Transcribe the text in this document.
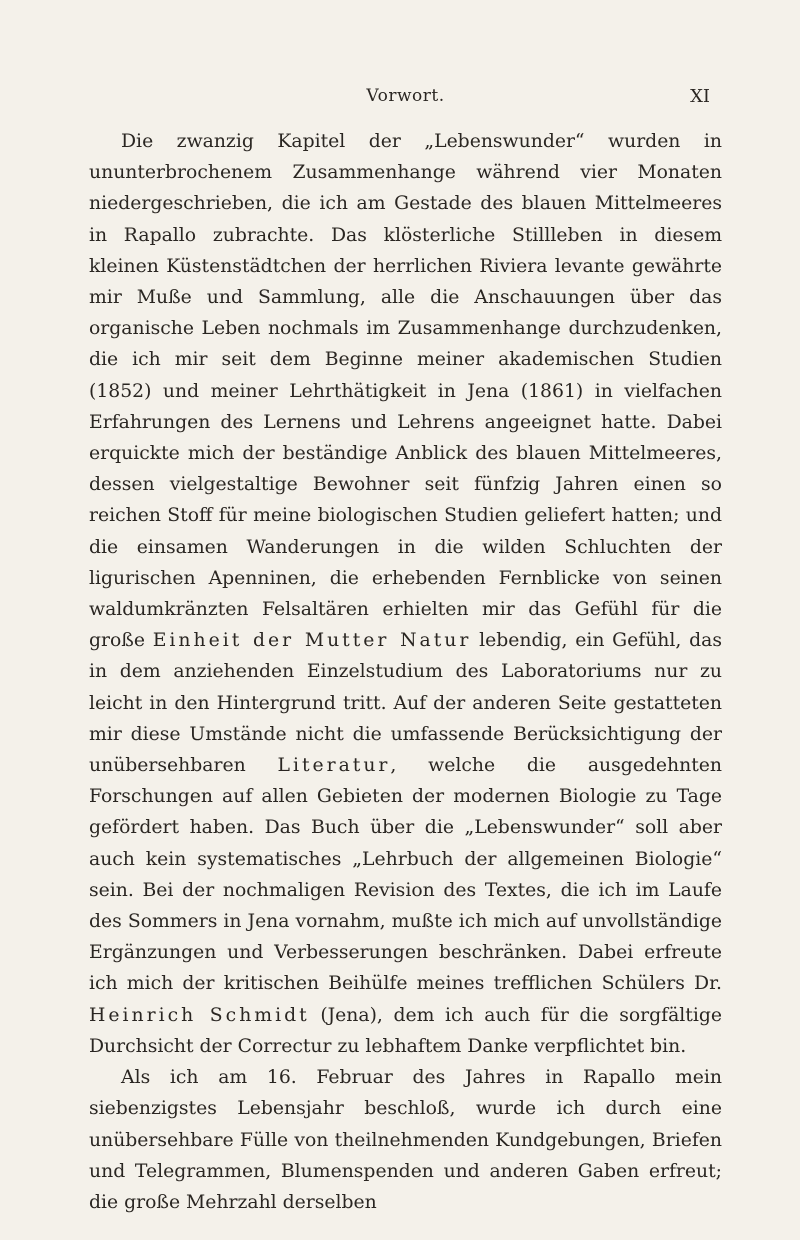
Vorwort.	XI

Die zwanzig Kapitel der „Lebenswunder“ wurden in ununterbrochenem Zusammenhange während vier Monaten niedergeschrieben, die ich am Gestade des blauen Mittelmeeres in Rapallo zubrachte. Das klösterliche Stillleben in diesem kleinen Küstenstädtchen der herrlichen Riviera levante gewährte mir Muße und Sammlung, alle die Anschauungen über das organische Leben nochmals im Zusammenhange durchzudenken, die ich mir seit dem Beginne meiner akademischen Studien (1852) und meiner Lehrthätigkeit in Jena (1861) in vielfachen Erfahrungen des Lernens und Lehrens angeeignet hatte. Dabei erquickte mich der beständige Anblick des blauen Mittelmeeres, dessen vielgestaltige Bewohner seit fünfzig Jahren einen so reichen Stoff für meine biologischen Studien geliefert hatten; und die einsamen Wanderungen in die wilden Schluchten der ligurischen Apenninen, die erhebenden Fernblicke von seinen waldumkränzten Felsaltären erhielten mir das Gefühl für die große Einheit der Mutter Natur lebendig, ein Gefühl, das in dem anziehenden Einzelstudium des Laboratoriums nur zu leicht in den Hintergrund tritt. Auf der anderen Seite gestatteten mir diese Umstände nicht die umfassende Berücksichtigung der unübersehbaren Literatur, welche die ausgedehnten Forschungen auf allen Gebieten der modernen Biologie zu Tage gefördert haben. Das Buch über die „Lebenswunder“ soll aber auch kein systematisches „Lehrbuch der allgemeinen Biologie“ sein. Bei der nochmaligen Revision des Textes, die ich im Laufe des Sommers in Jena vornahm, mußte ich mich auf unvollständige Ergänzungen und Verbesserungen beschränken. Dabei erfreute ich mich der kritischen Beihülfe meines trefflichen Schülers Dr. Heinrich Schmidt (Jena), dem ich auch für die sorgfältige Durchsicht der Correctur zu lebhaftem Danke verpflichtet bin.

Als ich am 16. Februar des Jahres in Rapallo mein siebenzigstes Lebensjahr beschloß, wurde ich durch eine unübersehbare Fülle von theilnehmenden Kundgebungen, Briefen und Telegrammen, Blumenspenden und anderen Gaben erfreut; die große Mehrzahl derselben
